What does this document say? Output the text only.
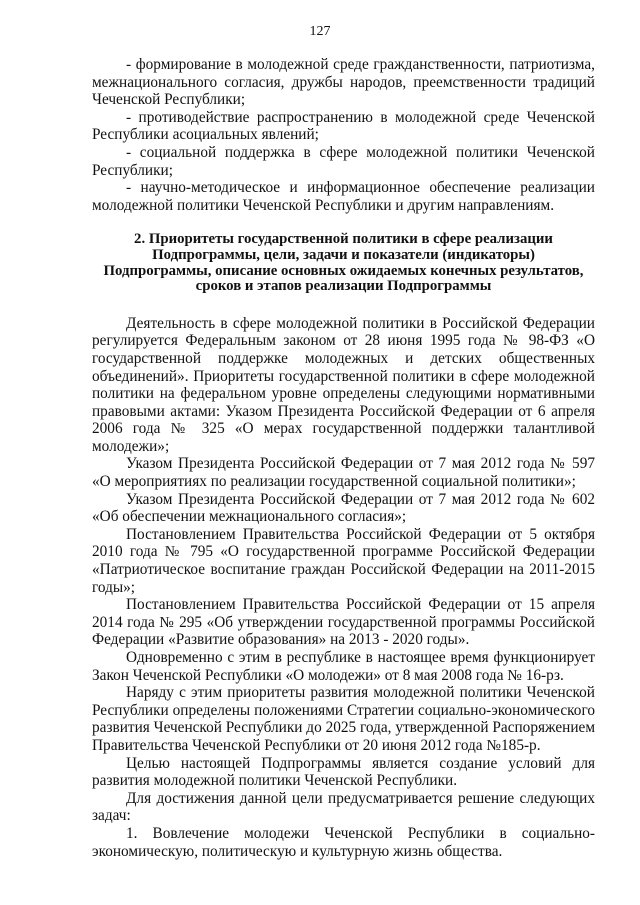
127

- формирование в молодежной среде гражданственности, патриотизма, межнационального согласия, дружбы народов, преемственности традиций Чеченской Республики;

- противодействие распространению в молодежной среде Чеченской Республики асоциальных явлений;

- социальной поддержка в сфере молодежной политики Чеченской Республики;

- научно-методическое и информационное обеспечение реализации молодежной политики Чеченской Республики и другим направлениям.

2. Приоритеты государственной политики в сфере реализации
Подпрограммы, цели, задачи и показатели (индикаторы)
Подпрограммы, описание основных ожидаемых конечных результатов,
сроков и этапов реализации Подпрограммы

Деятельность в сфере молодежной политики в Российской Федерации регулируется Федеральным законом от 28 июня 1995 года № 98-ФЗ «О государственной поддержке молодежных и детских общественных объединений». Приоритеты государственной политики в сфере молодежной политики на федеральном уровне определены следующими нормативными правовыми актами: Указом Президента Российской Федерации от 6 апреля 2006 года № 325 «О мерах государственной поддержки талантливой молодежи»;

Указом Президента Российской Федерации от 7 мая 2012 года № 597 «О мероприятиях по реализации государственной социальной политики»;

Указом Президента Российской Федерации от 7 мая 2012 года № 602 «Об обеспечении межнационального согласия»;

Постановлением Правительства Российской Федерации от 5 октября 2010 года № 795 «О государственной программе Российской Федерации «Патриотическое воспитание граждан Российской Федерации на 2011-2015 годы»;

Постановлением Правительства Российской Федерации от 15 апреля 2014 года № 295 «Об утверждении государственной программы Российской Федерации «Развитие образования» на 2013 - 2020 годы».

Одновременно с этим в республике в настоящее время функционирует Закон Чеченской Республики «О молодежи» от 8 мая 2008 года № 16-рз.

Наряду с этим приоритеты развития молодежной политики Чеченской Республики определены положениями Стратегии социально-экономического развития Чеченской Республики до 2025 года, утвержденной Распоряжением Правительства Чеченской Республики от 20 июня 2012 года №185-р.

Целью настоящей Подпрограммы является создание условий для развития молодежной политики Чеченской Республики.

Для достижения данной цели предусматривается решение следующих задач:

1. Вовлечение молодежи Чеченской Республики в социально-экономическую, политическую и культурную жизнь общества.
